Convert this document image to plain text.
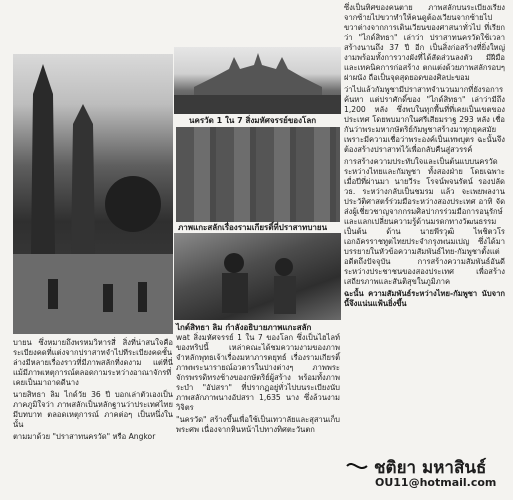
นครวัด 1 ใน 7 สิ่งมหัศจรรย์ของโลก
ภาพแกะสลักเรื่องรามเกียรติ์ที่ปราสาทบายน
ไกด์สิทธา ลิม กำลังอธิบายภาพแกะสลัก

บายน ซึ่งหมายถึงพรหมวิหารสี่ สิ่งที่น่าสนใจคือระเบียงคดที่แต่งจากปราสาทจำไปทีระเบียงคดชั้นล่างมีหลายเรื่องราวที่มีภาพสลักที่งดงาม แต่ที่นี่แม้มีภาพเหตุการณ์ตลอดกามระหว่างอาณาจักรที่เคยเป็นมาถาดดีนาง

นายสิทธา ลิม ไกด์วัย 36 ปี บอกเล่าตัวเองเป็นภาคภูมิใจว่า ภาพสลักเป็นหลักฐานว่าประเทศไทยมีบทบาท ตลอดเหตุการณ์ ภาคต่อๆ เป็นหนึ่งในนั้น

ตามมาด้วย "ปราสาทนครวัด" หรือ Angkor

wat สิ่งมหัศจรรย์ 1 ใน 7 ของโลก ซึ่งเป็นไฮไลท์ของทริปนี้ เหล่าคณะได้ชมความงามของภาพจำหลักพุทธเจ้าเรื่องมหาภารตยุทธ์ เรื่องรามเกียรติ์ ภาพพระนารายณ์อวตารในปางต่างๆ ภาพพระจักรพรรดิทรงช้างของกษัตริย์ผู้สร้าง พร้อมทั้งภาพระบำ "อัปสรา" ที่ปรากฏอยู่ทั่วไปบนระเบียงนับภาพสลักภาพนางอัปสรา 1,635 นาง ซึ่งล้วนงามวิจิตร

"นครวัด" สร้างขึ้นเพื่อใช้เป็นเทวาลัยและสุสานเก็บพระศพ เนื่องจากหินหน้าไปทางทิศตะวันตก

ซึ่งเป็นทิศของคนตาย ภาพสลักบนระเบียงเรียงจากซ้ายไปขวาทำให้คนดูต้องเวียนจากซ้ายไปขวาต่างจากการเดินเวียนของศาสนาทั่วไป ที่เรียกว่า "ไกด์สิทธา" เล่าว่า ปราสาทนครวัดใช้เวลาสร้างนานถึง 37 ปี อีก เป็นสิ่งก่อสร้างที่ยิ่งใหญ่งามพร้อมทั้งการวางผังที่ได้สัดส่วนลงตัว มีฝีมือและเทคนิคการก่อสร้าง ตกแต่งด้วยภาพสลักรอบๆ ฝาผนัง ถือเป็นจุดสุดยอดของศิลปะขอม

ว่าไปแล้วกัมพูชามีปราสาทจำนวนมากที่ยังรอการค้นหา แต่ปราศักดิ์ของ "ไกด์สิทธา" เล่าว่ามีถึง 1,200 หลัง ซึ่งพบในทุกพื้นที่ที่เคยเป็นเขตของประเทศ โดยพบมากในศรีเสียมราฐ 293 หลัง เชื่อกันว่าพระมหากษัตริย์กัมพูชาสร้างมาทุกยุคสมัย เพราะมีความเชื่อว่าพระองค์เป็นเทพบุตร ฉะนั้นจึงต้องสร้างปราสาทไว้เพื่อกลับคืนสู่สวรรค์

การสร้างความประทับใจและเป็นต้นแบบนครวัด ระหว่างไทยและกัมพูชา ทั้งสองฝ่าย โดยเฉพาะเมื่อปีที่ผ่านมา นายวีระ โรจน์พจนรัตน์ รองปลัด วธ. ระหว่างกลับเป็นชมรม แล้ว จะเพยพลงานประวัติศาสตร์ร่วมมือระหว่างสองประเทศ อาทิ จัดส่งผู้เชี่ยวชาญจากกรมศิลปากรร่วมมือการอนุรักษ์ และแลกเปลี่ยนความรู้ด้านมรดกทางวัฒนธรรม เป็นต้น ด้าน นายพีรวุฒิ ไพชิตวโร เอกอัครราชทูตไทยประจำกรุงพนมเปญ ซึ่งได้มาบรรยายในหัวข้อความสัมพันธ์ไทย-กัมพูชาตั้งแต่อดีตถึงปัจจุบัน การสร้างความสัมพันธ์อันดีระหว่างประชาชนของสองประเทศ เพื่อสร้างเสถียรภาพและสันติสุขในภูมิภาค

ฉะนั้น ความสัมพันธ์ระหว่างไทย-กัมพูชา นับจากนี้จึงแน่นแฟ้นยิ่งขึ้น

ชติยา มหาสินธ์
OU11@hotmail.com
